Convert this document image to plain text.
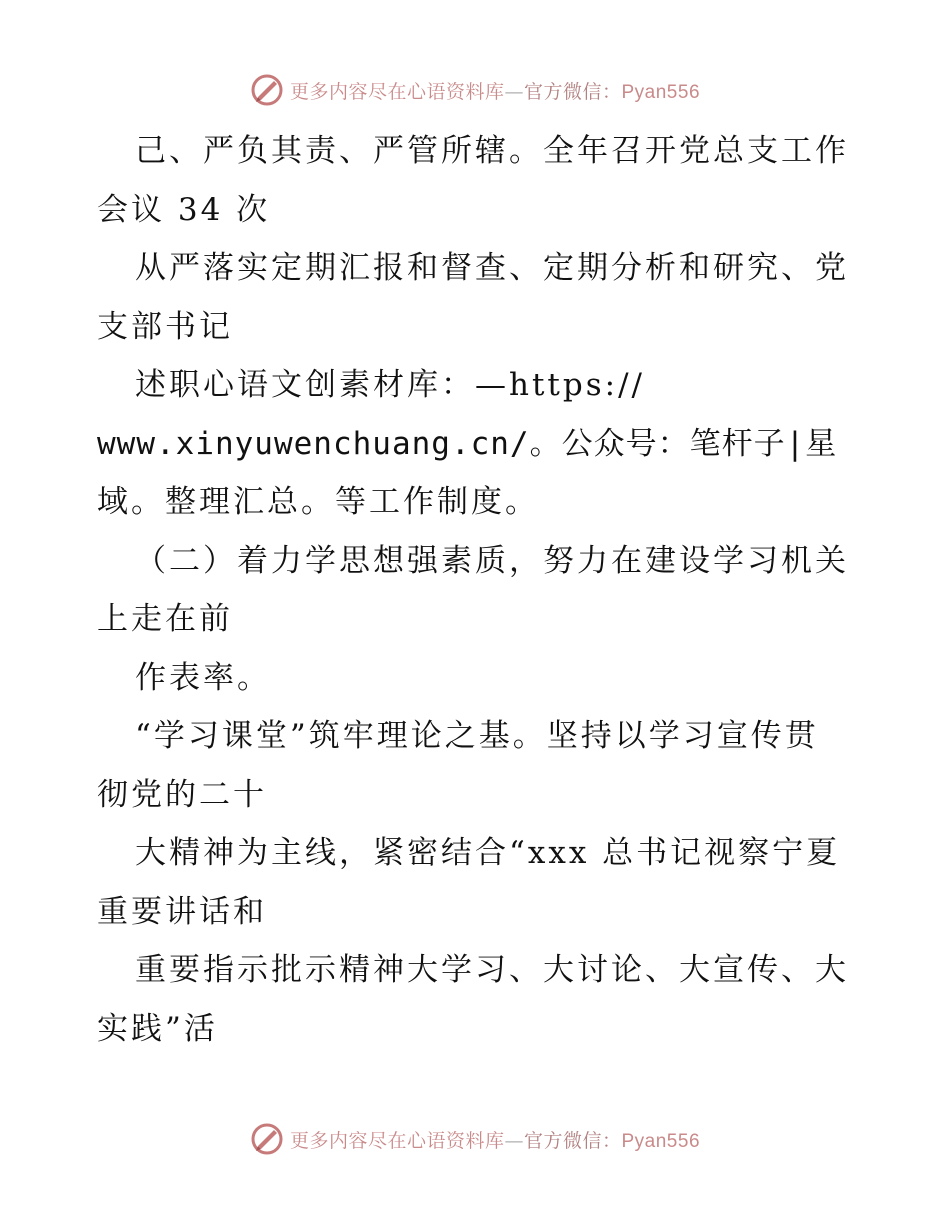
更多内容尽在心语资料库—官方微信：Pyan556
己、严负其责、严管所辖。全年召开党总支工作
会议 34 次
从严落实定期汇报和督查、定期分析和研究、党
支部书记
述职心语文创素材库：—https://
www.xinyuwenchuang.cn/。公众号：笔杆子|星
域。整理汇总。等工作制度。
（二）着力学思想强素质，努力在建设学习机关
上走在前
作表率。
“学习课堂”筑牢理论之基。坚持以学习宣传贯
彻党的二十
大精神为主线，紧密结合“xxx 总书记视察宁夏
重要讲话和
重要指示批示精神大学习、大讨论、大宣传、大
实践”活
更多内容尽在心语资料库—官方微信：Pyan556
